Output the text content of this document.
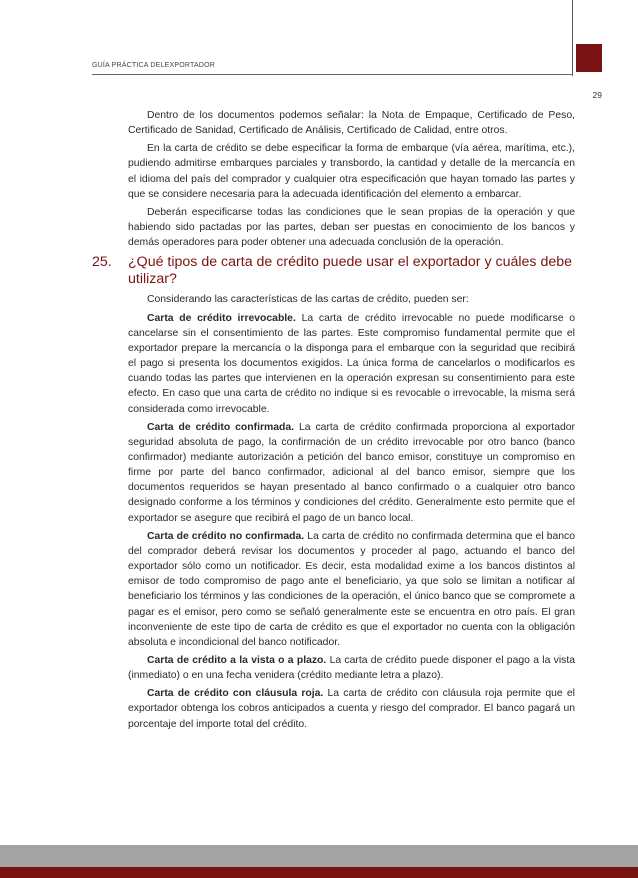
GUÍA PRÁCTICA DELEXPORTADOR
29

Dentro de los documentos podemos señalar: la Nota de Empaque, Certificado de Peso, Certificado de Sanidad, Certificado de Análisis, Certificado de Calidad, entre otros.

En la carta de crédito se debe especificar la forma de embarque (vía aérea, marítima, etc.), pudiendo admitirse embarques parciales y transbordo, la cantidad y detalle de la mercancía en el idioma del país del comprador y cualquier otra especificación que hayan tomado las partes y que se considere necesaria para la adecuada identificación del elemento a embarcar.

Deberán especificarse todas las condiciones que le sean propias de la operación y que habiendo sido pactadas por las partes, deban ser puestas en conocimiento de los bancos y demás operadores para poder obtener una adecuada conclusión de la operación.

25. ¿Qué tipos de carta de crédito puede usar el exportador y cuáles debe utilizar?

Considerando las características de las cartas de crédito, pueden ser:

Carta de crédito irrevocable. La carta de crédito irrevocable no puede modificarse o cancelarse sin el consentimiento de las partes. Este compromiso fundamental permite que el exportador prepare la mercancía o la disponga para el embarque con la seguridad que recibirá el pago si presenta los documentos exigidos. La única forma de cancelarlos o modificarlos es cuando todas las partes que intervienen en la operación expresan su consentimiento para este efecto. En caso que una carta de crédito no indique si es revocable o irrevocable, la misma será considerada como irrevocable.

Carta de crédito confirmada. La carta de crédito confirmada proporciona al exportador seguridad absoluta de pago, la confirmación de un crédito irrevocable por otro banco (banco confirmador) mediante autorización a petición del banco emisor, constituye un compromiso en firme por parte del banco confirmador, adicional al del banco emisor, siempre que los documentos requeridos se hayan presentado al banco confirmado o a cualquier otro banco designado conforme a los términos y condiciones del crédito. Generalmente esto permite que el exportador se asegure que recibirá el pago de un banco local.

Carta de crédito no confirmada. La carta de crédito no confirmada determina que el banco del comprador deberá revisar los documentos y proceder al pago, actuando el banco del exportador sólo como un notificador. Es decir, esta modalidad exime a los bancos distintos al emisor de todo compromiso de pago ante el beneficiario, ya que solo se limitan a notificar al beneficiario los términos y las condiciones de la operación, el único banco que se compromete a pagar es el emisor, pero como se señaló generalmente este se encuentra en otro país. El gran inconveniente de este tipo de carta de crédito es que el exportador no cuenta con la obligación absoluta e incondicional del banco notificador.

Carta de crédito a la vista o a plazo. La carta de crédito puede disponer el pago a la vista (inmediato) o en una fecha venidera (crédito mediante letra a plazo).

Carta de crédito con cláusula roja. La carta de crédito con cláusula roja permite que el exportador obtenga los cobros anticipados a cuenta y riesgo del comprador. El banco pagará un porcentaje del importe total del crédito.
